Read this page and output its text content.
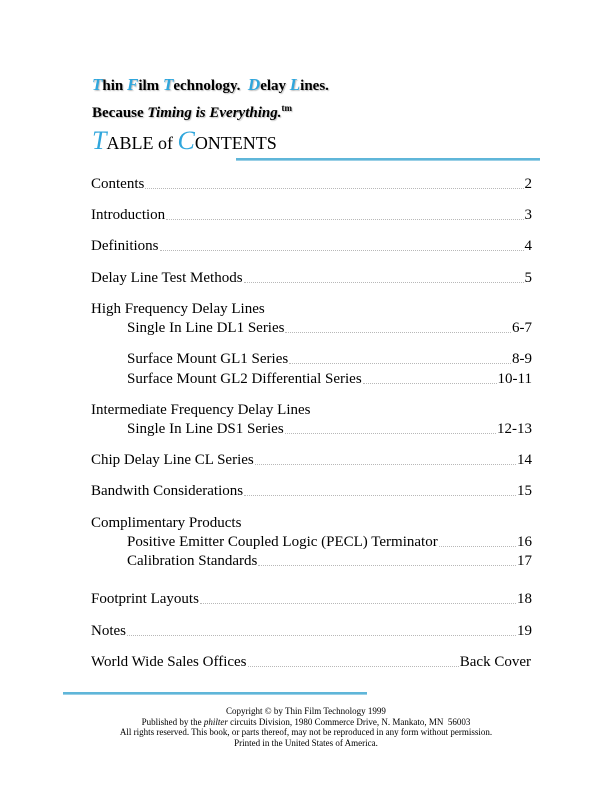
Thin Film Technology.  Delay Lines.
Because Timing is Everything.$^{tm}$
TABLE of CONTENTS
Contents	2
Introduction	3
Definitions	4
Delay Line Test Methods	5
High Frequency Delay Lines
Single In Line DL1 Series	6-7
Surface Mount GL1 Series	8-9
Surface Mount GL2 Differential Series	10-11
Intermediate Frequency Delay Lines
Single In Line DS1 Series	12-13
Chip Delay Line CL Series	14
Bandwith Considerations	15
Complimentary Products
Positive Emitter Coupled Logic (PECL) Terminator	16
Calibration Standards	17
Footprint Layouts	18
Notes	19
World Wide Sales Offices	Back Cover
Copyright © by Thin Film Technology 1999
Published by the philter circuits Division, 1980 Commerce Drive, N. Mankato, MN  56003
All rights reserved. This book, or parts thereof, may not be reproduced in any form without permission.
Printed in the United States of America.
